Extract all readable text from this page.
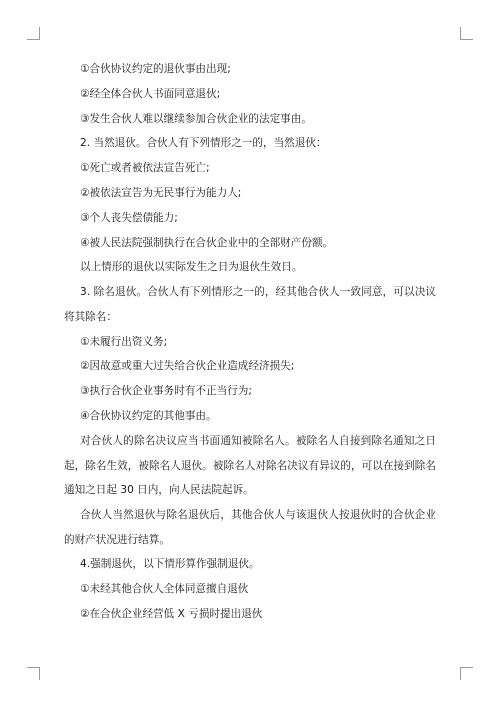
①合伙协议约定的退伙事由出现;
②经全体合伙人书面同意退伙;
③发生合伙人难以继续参加合伙企业的法定事由。
2. 当然退伙。合伙人有下列情形之一的，当然退伙：
①死亡或者被依法宣告死亡;
②被依法宣告为无民事行为能力人;
③个人丧失偿债能力;
④被人民法院强制执行在合伙企业中的全部财产份额。
以上情形的退伙以实际发生之日为退伙生效日。
3. 除名退伙。合伙人有下列情形之一的，经其他合伙人一致同意，可以决议将其除名：
①未履行出资义务;
②因故意或重大过失给合伙企业造成经济损失;
③执行合伙企业事务时有不正当行为;
④合伙协议约定的其他事由。
对合伙人的除名决议应当书面通知被除名人。被除名人自接到除名通知之日起，除名生效，被除名人退伙。被除名人对除名决议有异议的，可以在接到除名通知之日起 30 日内，向人民法院起诉。
合伙人当然退伙与除名退伙后，其他合伙人与该退伙人按退伙时的合伙企业的财产状况进行结算。
4.强制退伙，以下情形算作强制退伙。
①未经其他合伙人全体同意擅自退伙
②在合伙企业经营低 X 亏损时提出退伙
